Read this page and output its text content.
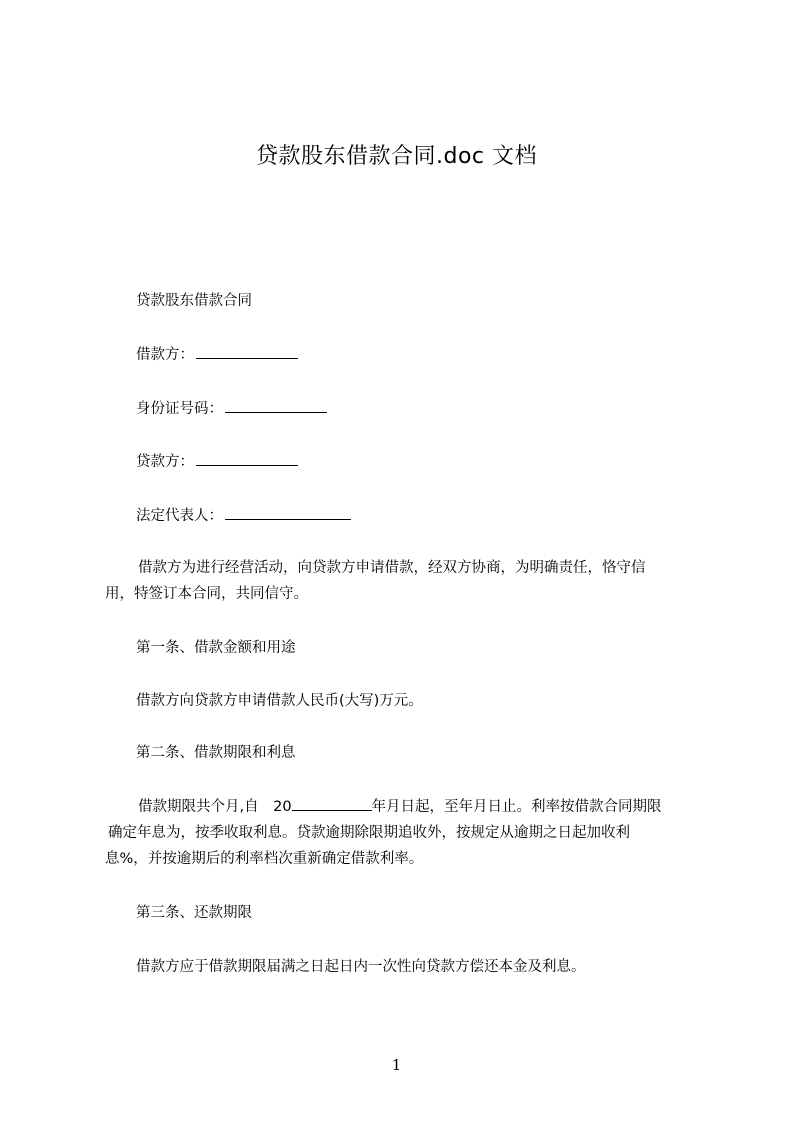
贷款股东借款合同.doc 文档
贷款股东借款合同
借款方：
身份证号码：
贷款方：
法定代表人：
借款方为进行经营活动，向贷款方申请借款，经双方协商，为明确责任，恪守信
用，特签订本合同，共同信守。
第一条、借款金额和用途
借款方向贷款方申请借款人民币(大写)万元。
第二条、借款期限和利息
借款期限共个月,自　20	年月日起，至年月日止。利率按借款合同期限
确定年息为，按季收取利息。贷款逾期除限期追收外，按规定从逾期之日起加收利
息%，并按逾期后的利率档次重新确定借款利率。
第三条、还款期限
借款方应于借款期限届满之日起日内一次性向贷款方偿还本金及利息。
1
